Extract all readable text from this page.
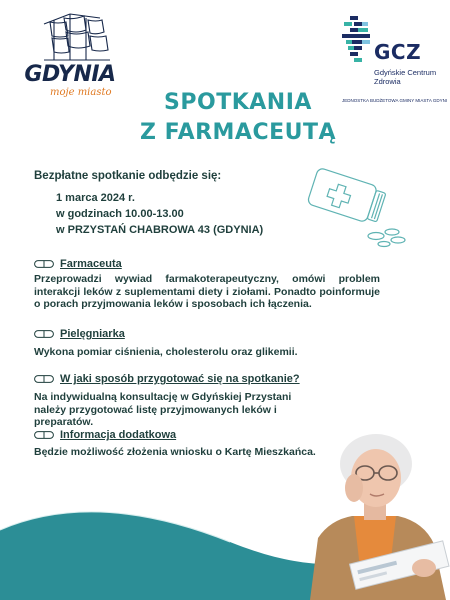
GDYNIA
moje miasto
GCZ
Gdyńskie Centrum
Zdrowia
JEDNOSTKA BUDŻETOWA GMINY MIASTA GDYNI
SPOTKANIA
Z FARMACEUTĄ
Bezpłatne spotkanie odbędzie się:
1 marca 2024 r.
w godzinach 10.00-13.00
w PRZYSTAŃ CHABROWA 43 (GDYNIA)
Farmaceuta
Przeprowadzi wywiad farmakoterapeutyczny, omówi problem interakcji leków z suplementami diety i ziołami. Ponadto poinformuje o porach przyjmowania leków i sposobach ich łączenia.
Pielęgniarka
Wykona pomiar ciśnienia, cholesterolu oraz glikemii.
W jaki sposób przygotować się na spotkanie?
Na indywidualną konsultację w Gdyńskiej Przystani należy przygotować listę przyjmowanych leków i preparatów.
Informacja dodatkowa
Będzie możliwość złożenia wniosku o Kartę Mieszkańca.
